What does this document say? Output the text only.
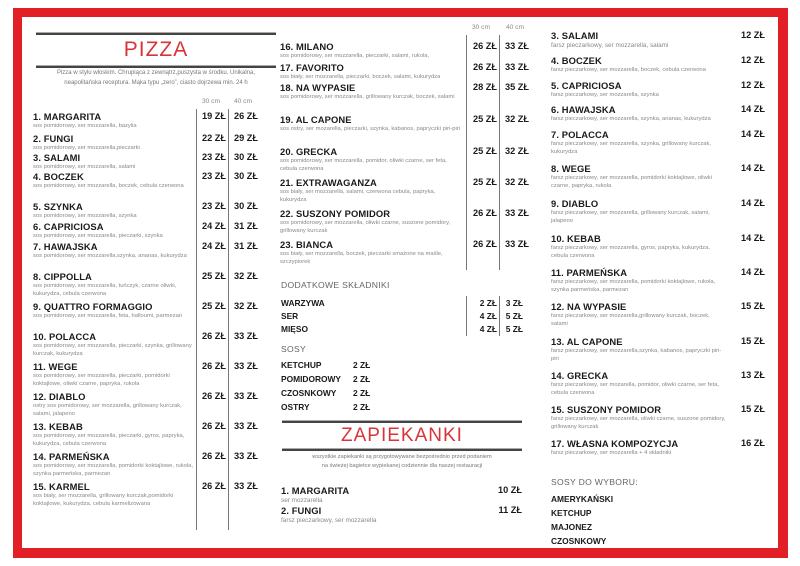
PIZZA
Pizza w stylu włoskim. Chrupiąca z zewnątrz,puszysta w środku. Unikalna,
neapolitańska receptura. Mąka typu „zero”, ciasto dojrzewa min. 24 h
30 cm 40 cm
1. MARGARITA
sos pomidorowy, ser mozzarella, bazylia
19 ZŁ 26 ZŁ
2. FUNGI
sos pomidorowy, ser mozzarella,pieczarki
22 ZŁ 29 ZŁ
3. SALAMI
sos pomidorowy, ser mozzarella, salami
23 ZŁ 30 ZŁ
4. BOCZEK
sos pomidorowy, ser mozzarella, boczek, cebula czerwona
23 ZŁ 30 ZŁ
5. SZYNKA
sos pomidorowy, ser mozzarella, szynka
23 ZŁ 30 ZŁ
6. CAPRICIOSA
sos pomidorowy, ser mozzarella, pieczarki, szynka
24 ZŁ 31 ZŁ
7. HAWAJSKA
sos pomidorowy, ser mozzarella,szynka, ananas, kukurydza
24 ZŁ 31 ZŁ
8. CIPPOLLA
sos pomidorowy, ser mozzarella, tuńczyk, czarne oliwki, kukurydza, cebula czerwona
25 ZŁ 32 ZŁ
9. QUATTRO FORMAGGIO
sos pomidorowy, ser mozzarella, feta, halloumi, parmezan
25 ZŁ 32 ZŁ
10. POLACCA
sos pomidorowy, ser mozzarella, pieczarki, szynka, grillowany kurczak, kukurydza
26 ZŁ 33 ZŁ
11. WEGE
sos pomidorowy, ser mozzarella, pieczarki, pomidorki koktajlowe, oliwki czarne, papryka, rukola
26 ZŁ 33 ZŁ
12. DIABLO
ostry sos pomidorowy, ser mozzarella, grillowany kurczak, salami, jalapeno
26 ZŁ 33 ZŁ
13. KEBAB
sos pomidorowy, ser mozzarella, pieczarki, gyros, papryka, kukurydza, cebula czerwona
26 ZŁ 33 ZŁ
14. PARMEŃSKA
sos pomidorowy, ser mozzarella, pomidorki koktajlowe, rukola, szynka parmeńska, parmezan
26 ZŁ 33 ZŁ
15. KARMEL
sos biały, ser mozzarella, grillowany kurczak,pomidorki koktajlowe, kukurydza, cebula karmelizowana
26 ZŁ 33 ZŁ
30 cm 40 cm
16. MILANO
sos pomidorowy, ser mozzarella, pieczarki, salami, rukola,
26 ZŁ 33 ZŁ
17. FAVORITO
sos biały, ser mozzarella, pieczarki, boczek, salami, kukurydza
26 ZŁ 33 ZŁ
18. NA WYPASIE
sos pomidorowy, ser mozzarella, grillowany kurczak, boczek, salami
28 ZŁ 35 ZŁ
19. AL CAPONE
sos ostry, ser mozarella, pieczarki, szynka, kabanos, papryczki piri-piri
25 ZŁ 32 ZŁ
20. GRECKA
sos pomidorowy, ser mozzarella, pomidor, oliwki czarne, ser feta, cebula czerwona
25 ZŁ 32 ZŁ
21. EXTRAWAGANZA
sos biały, ser mozzarella, salami, czerwona cebula, papryka, kukurydza
25 ZŁ 32 ZŁ
22. SUSZONY POMIDOR
sos pomidorowy, ser mozzarella, oliwki czarne, suszone pomidory, grillowany kurczak
26 ZŁ 33 ZŁ
23. BIANCA
sos biały, ser mozzarella, boczek, pieczarki smażone na maśle, szczypiorek
26 ZŁ 33 ZŁ
DODATKOWE SKŁADNIKI
WARZYWA	2 ZŁ	3 ZŁ
SER	4 ZŁ	5 ZŁ
MIĘSO	4 ZŁ	5 ZŁ
SOSY
KETCHUP	2 ZŁ
POMIDOROWY 2 ZŁ
CZOSNKOWY 2 ZŁ
OSTRY	2 ZŁ
ZAPIEKANKI
wszystkie zapiekanki są przygotowywane bezpośrednio przed podaniem
na świeżej bagietce wypiekanej codziennie dla naszej restauracji
1. MARGARITA
ser mozzarella
10 ZŁ
2. FUNGI
farsz pieczarkowy, ser mozzarella
11 ZŁ
3. SALAMI
farsz pieczarkowy, ser mozzarella, salami
12 ZŁ
4. BOCZEK
farsz pieczarkowy, ser mozzarella, boczek, cebula czerwona
12 ZŁ
5. CAPRICIOSA
farsz pieczarkowy, ser mozzarella, szynka
12 ZŁ
6. HAWAJSKA
farsz pieczarkowy, ser mozzarella, szynka, ananas, kukurydza
14 ZŁ
7. POLACCA
farsz pieczarkowy, ser mozzarella, szynka, grillowany kurczak, kukurydza
14 ZŁ
8. WEGE
farsz pieczarkowy, ser mozzarella, pomidorki koktajlowe, oliwki czarne, papryka, rukola
14 ZŁ
9. DIABLO
farsz pieczarkowy, ser mozzarella, grillowany kurczak, salami, jalapeno
14 ZŁ
10. KEBAB
farsz pieczarkowy, ser mozzarella, gyros, papryka, kukurydza, cebula czerwona
14 ZŁ
11. PARMEŃSKA
farsz pieczarkowy, ser mozzarella, pomidorki koktajlowe, rukola, szynka parmeńska, parmezan
14 ZŁ
12. NA WYPASIE
farsz pieczarkowy, ser mozzarella,grillowany kurczak, boczek, salami
15 ZŁ
13. AL CAPONE
farsz pieczarkowy, ser mozzarella,szynka, kabanos, papryczki piri-piri
15 ZŁ
14. GRECKA
farsz pieczarkowy, ser mozarella, pomidor, oliwki czarne, ser feta, cebula czerwona
13 ZŁ
15. SUSZONY POMIDOR
farsz pieczarkowy, ser mozzarella, oliwki czarne, suszone pomidory, grillowany kurczak
15 ZŁ
17. WŁASNA KOMPOZYCJA
farsz pieczarkowy, ser mozzarella + 4 składniki
16 ZŁ
SOSY DO WYBORU:
AMERYKAŃSKI
KETCHUP
MAJONEZ
CZOSNKOWY
